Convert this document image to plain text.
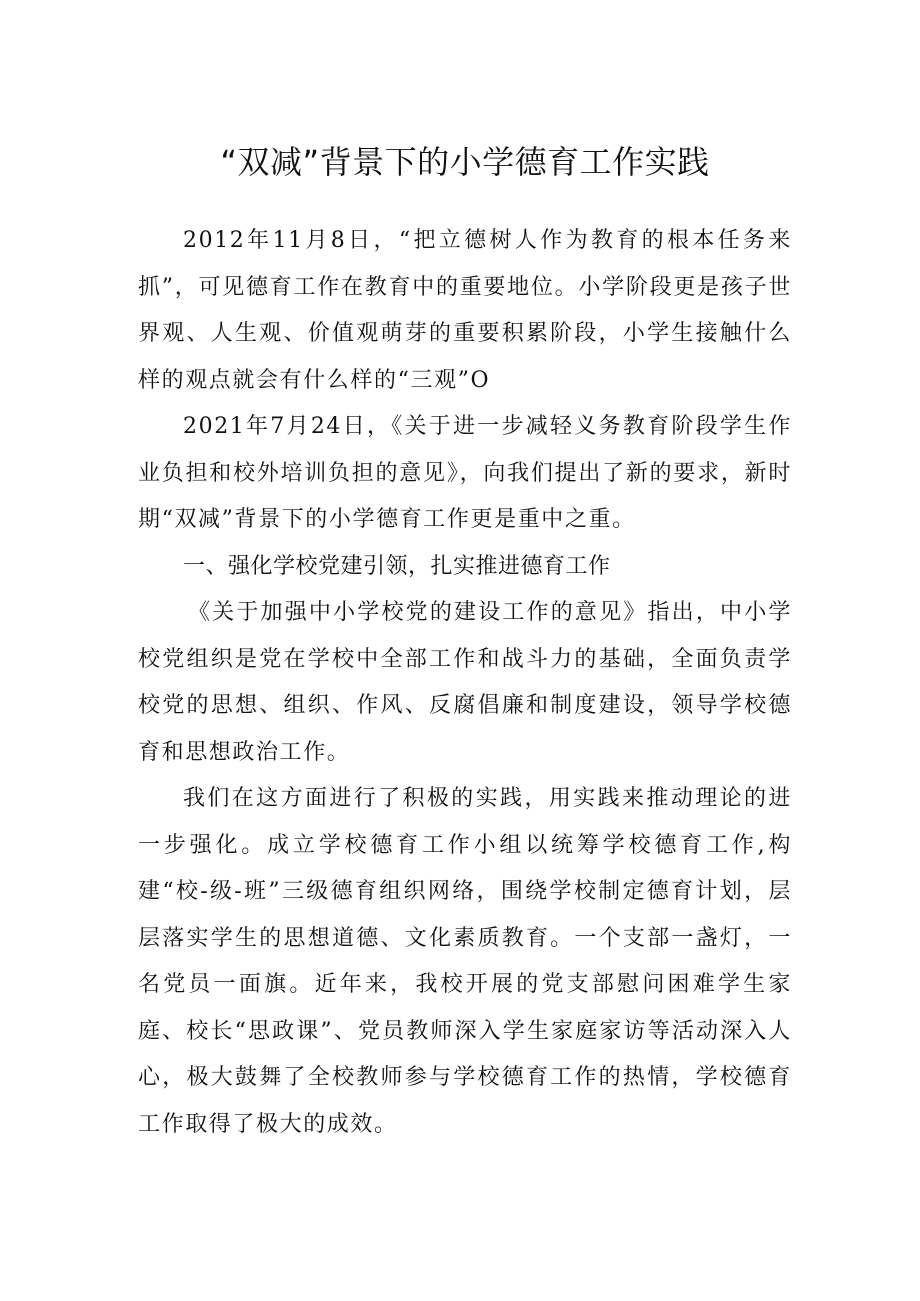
“双减”背景下的小学德育工作实践

2012年11月8日，“把立德树人作为教育的根本任务来抓”，可见德育工作在教育中的重要地位。小学阶段更是孩子世界观、人生观、价值观萌芽的重要积累阶段，小学生接触什么样的观点就会有什么样的“三观”O

2021年7月24日，《关于进一步减轻义务教育阶段学生作业负担和校外培训负担的意见》，向我们提出了新的要求，新时期“双减”背景下的小学德育工作更是重中之重。

一、强化学校党建引领，扎实推进德育工作

《关于加强中小学校党的建设工作的意见》指出，中小学校党组织是党在学校中全部工作和战斗力的基础，全面负责学校党的思想、组织、作风、反腐倡廉和制度建设，领导学校德育和思想政治工作。

我们在这方面进行了积极的实践，用实践来推动理论的进一步强化。成立学校德育工作小组以统筹学校德育工作,构建“校-级-班”三级德育组织网络，围绕学校制定德育计划，层层落实学生的思想道德、文化素质教育。一个支部一盏灯，一名党员一面旗。近年来，我校开展的党支部慰问困难学生家庭、校长“思政课”、党员教师深入学生家庭家访等活动深入人心，极大鼓舞了全校教师参与学校德育工作的热情，学校德育工作取得了极大的成效。
